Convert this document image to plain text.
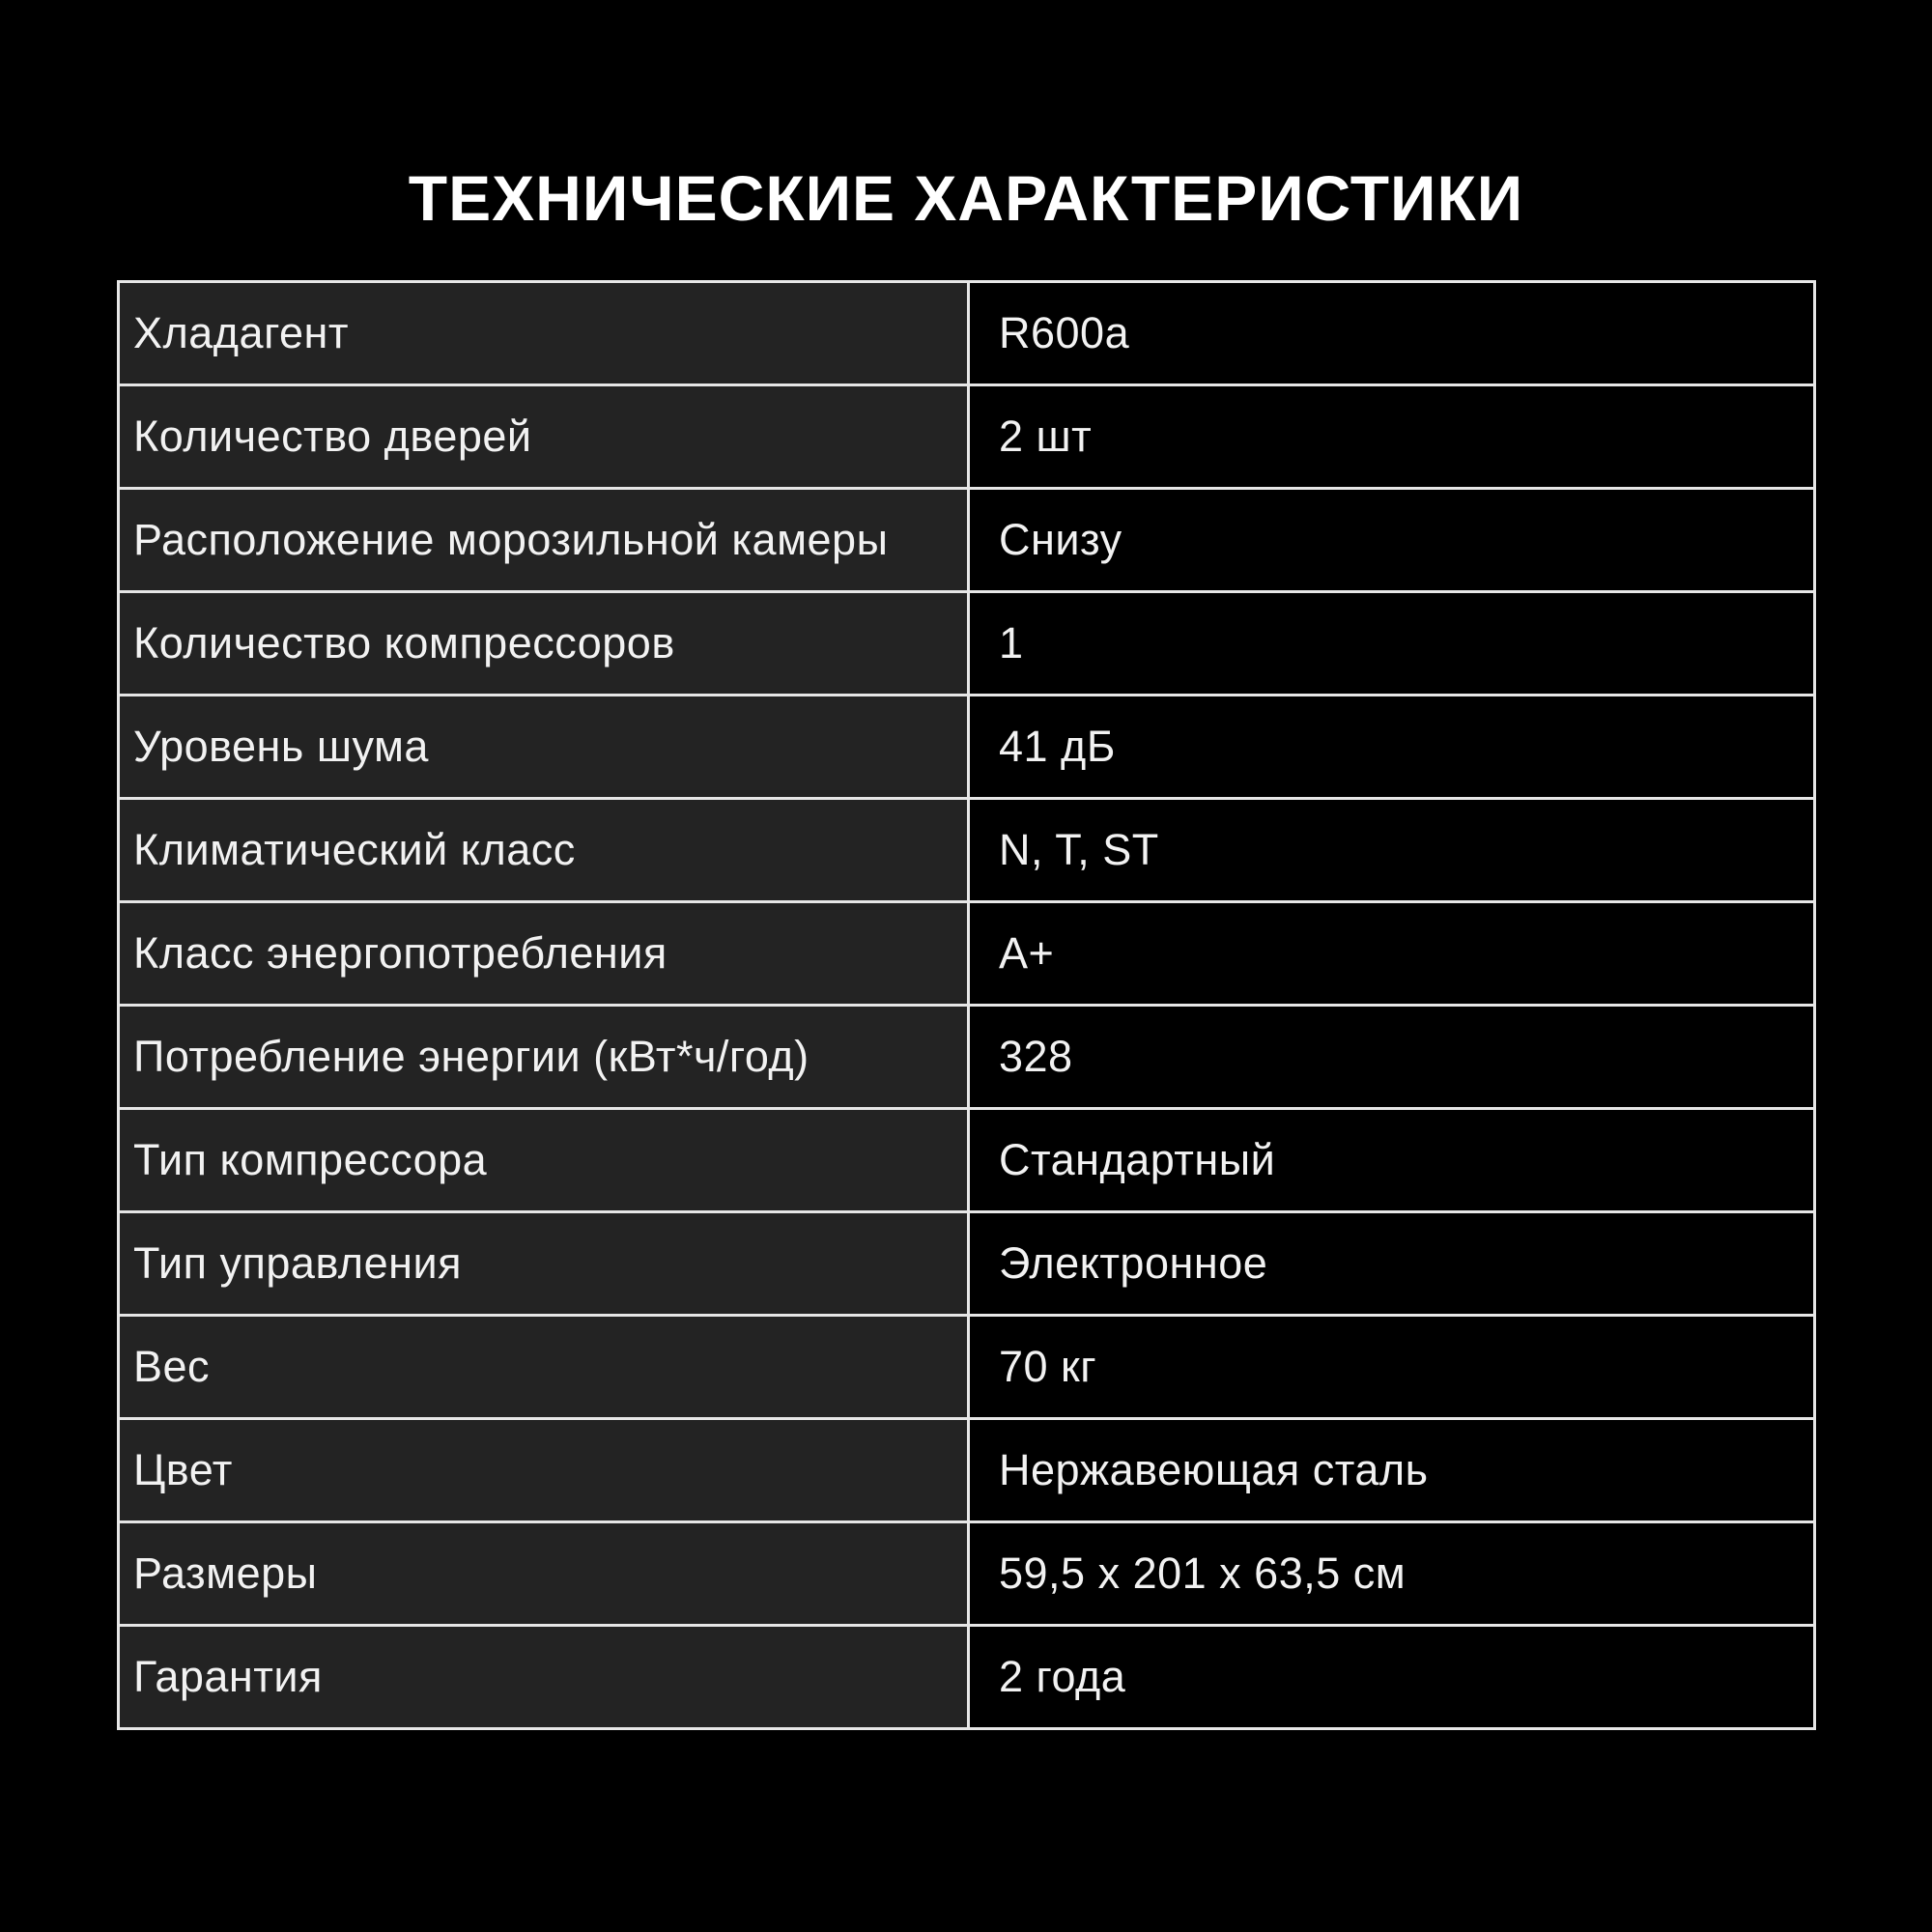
ТЕХНИЧЕСКИЕ ХАРАКТЕРИСТИКИ
Хладагент	R600a
Количество дверей	2 шт
Расположение морозильной камеры	Снизу
Количество компрессоров	1
Уровень шума	41 дБ
Климатический класс	N, T, ST
Класс энергопотребления	A+
Потребление энергии (кВт*ч/год)	328
Тип компрессора	Стандартный
Тип управления	Электронное
Вес	70 кг
Цвет	Нержавеющая сталь
Размеры	59,5 x 201 x 63,5 см
Гарантия	2 года
